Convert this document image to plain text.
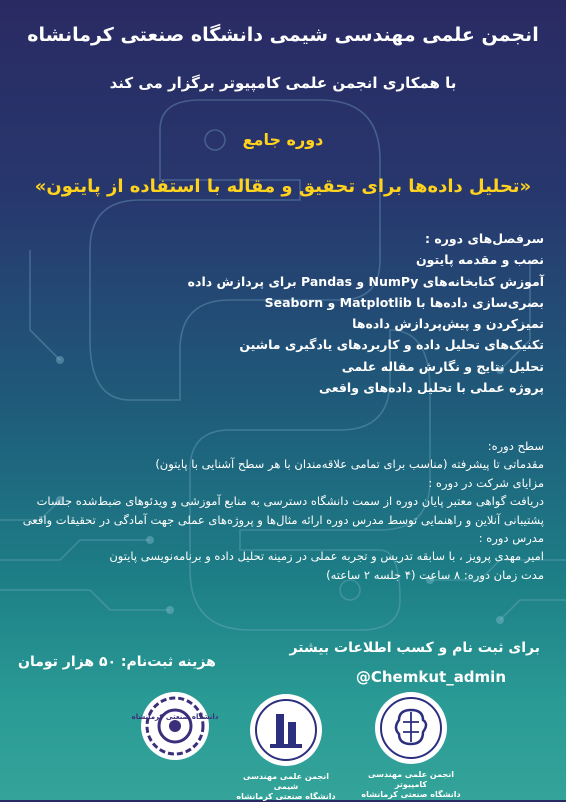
انجمن علمی مهندسی شیمی دانشگاه صنعتی کرمانشاه
با همکاری انجمن علمی کامپیوتر برگزار می کند
دوره جامع
«تحلیل داده‌ها برای تحقیق و مقاله با استفاده از پایتون»
سرفصل‌های دوره :
نصب و مقدمه پایتون
آموزش کتابخانه‌های NumPy و Pandas برای پردازش داده
بصری‌سازی داده‌ها با Matplotlib و Seaborn
تمیزکردن و پیش‌پردازش داده‌ها
تکنیک‌های تحلیل داده و کاربردهای یادگیری ماشین
تحلیل نتایج و نگارش مقاله علمی
پروژه عملی با تحلیل داده‌های واقعی
سطح دوره:
مقدماتی تا پیشرفته (مناسب برای تمامی علاقه‌مندان با هر سطح آشنایی با پایتون)
مزایای شرکت در دوره :
دریافت گواهی معتبر پایان دوره از سمت دانشگاه دسترسی به منابع آموزشی و ویدئوهای ضبط‌شده جلسات
پشتیبانی آنلاین و راهنمایی توسط مدرس دوره ارائه مثال‌ها و پروژه‌های عملی جهت آمادگی در تحقیقات واقعی
مدرس دوره :
امیر مهدی پرویز ، با سابقه تدریس و تجربه عملی در زمینه تحلیل داده و برنامه‌نویسی پایتون
مدت زمان دوره: ۸ ساعت (۴ جلسه ۲ ساعته)
برای ثبت نام و کسب اطلاعات بیشتر
@Chemkut_admin
هزینه ثبت‌نام: ۵۰ هزار تومان
دانشگاه صنعتی کرمانشاه
انجمن علمی مهندسی شیمی
دانشگاه صنعتی کرمانشاه
انجمن علمی مهندسی کامپیوتر
دانشگاه صنعتی کرمانشاه
